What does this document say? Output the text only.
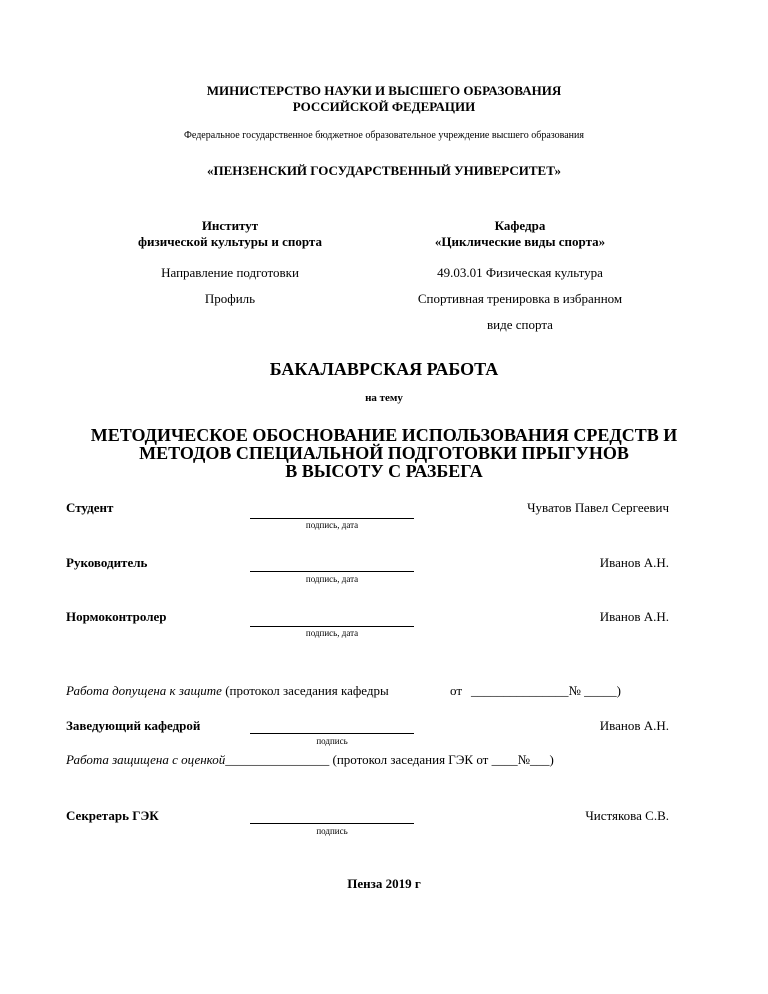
МИНИСТЕРСТВО НАУКИ И ВЫСШЕГО ОБРАЗОВАНИЯ
РОССИЙСКОЙ ФЕДЕРАЦИИ
Федеральное государственное бюджетное образовательное учреждение высшего образования
«ПЕНЗЕНСКИЙ ГОСУДАРСТВЕННЫЙ УНИВЕРСИТЕТ»
Институт
физической культуры и спорта
Кафедра
«Циклические виды спорта»
Направление подготовки	49.03.01 Физическая культура
Профиль	Спортивная тренировка в избранном
виде спорта
БАКАЛАВРСКАЯ РАБОТА
на тему
МЕТОДИЧЕСКОЕ ОБОСНОВАНИЕ ИСПОЛЬЗОВАНИЯ СРЕДСТВ И
МЕТОДОВ СПЕЦИАЛЬНОЙ ПОДГОТОВКИ ПРЫГУНОВ
В ВЫСОТУ С РАЗБЕГА
Студент
подпись, дата
Чуватов Павел Сергеевич
Руководитель
подпись, дата
Иванов А.Н.
Нормоконтролер
подпись, дата
Иванов А.Н.
Работа допущена к защите (протокол заседания кафедры	от _______________№ _____)
Заведующий кафедрой
подпись
Иванов А.Н.
Работа защищена с оценкой________________ (протокол заседания ГЭК от ____№___)
Секретарь ГЭК
подпись
Чистякова С.В.
Пенза 2019 г
